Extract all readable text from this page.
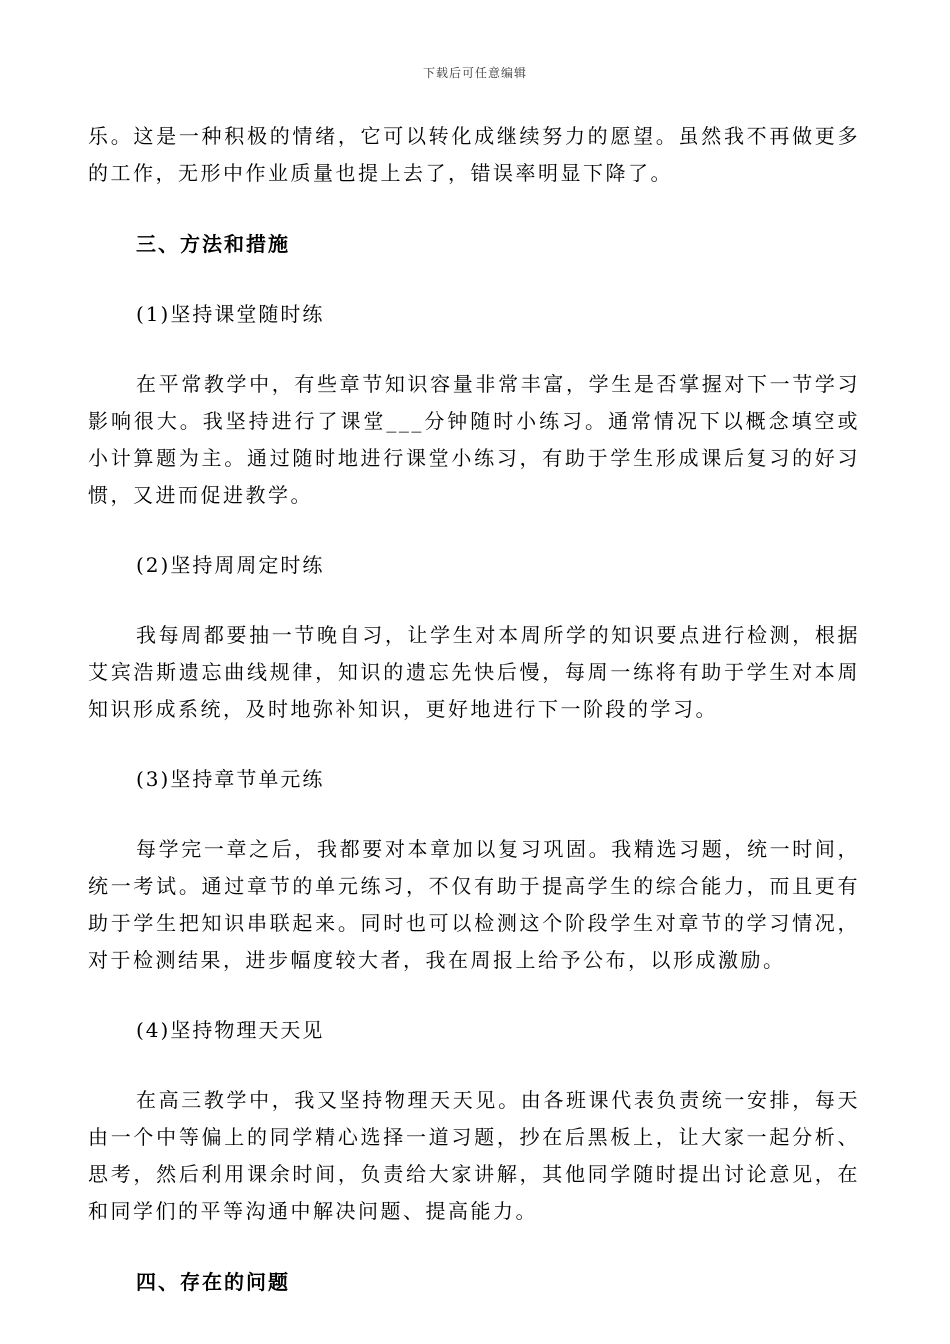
下载后可任意编辑

乐。这是一种积极的情绪，它可以转化成继续努力的愿望。虽然我不再做更多的工作，无形中作业质量也提上去了，错误率明显下降了。

三、方法和措施

(1)坚持课堂随时练

在平常教学中，有些章节知识容量非常丰富，学生是否掌握对下一节学习影响很大。我坚持进行了课堂___分钟随时小练习。通常情况下以概念填空或小计算题为主。通过随时地进行课堂小练习，有助于学生形成课后复习的好习惯，又进而促进教学。

(2)坚持周周定时练

我每周都要抽一节晚自习，让学生对本周所学的知识要点进行检测，根据艾宾浩斯遗忘曲线规律，知识的遗忘先快后慢，每周一练将有助于学生对本周知识形成系统，及时地弥补知识，更好地进行下一阶段的学习。

(3)坚持章节单元练

每学完一章之后，我都要对本章加以复习巩固。我精选习题，统一时间，统一考试。通过章节的单元练习，不仅有助于提高学生的综合能力，而且更有助于学生把知识串联起来。同时也可以检测这个阶段学生对章节的学习情况，对于检测结果，进步幅度较大者，我在周报上给予公布，以形成激励。

(4)坚持物理天天见

在高三教学中，我又坚持物理天天见。由各班课代表负责统一安排，每天由一个中等偏上的同学精心选择一道习题，抄在后黑板上，让大家一起分析、思考，然后利用课余时间，负责给大家讲解，其他同学随时提出讨论意见，在和同学们的平等沟通中解决问题、提高能力。

四、存在的问题
